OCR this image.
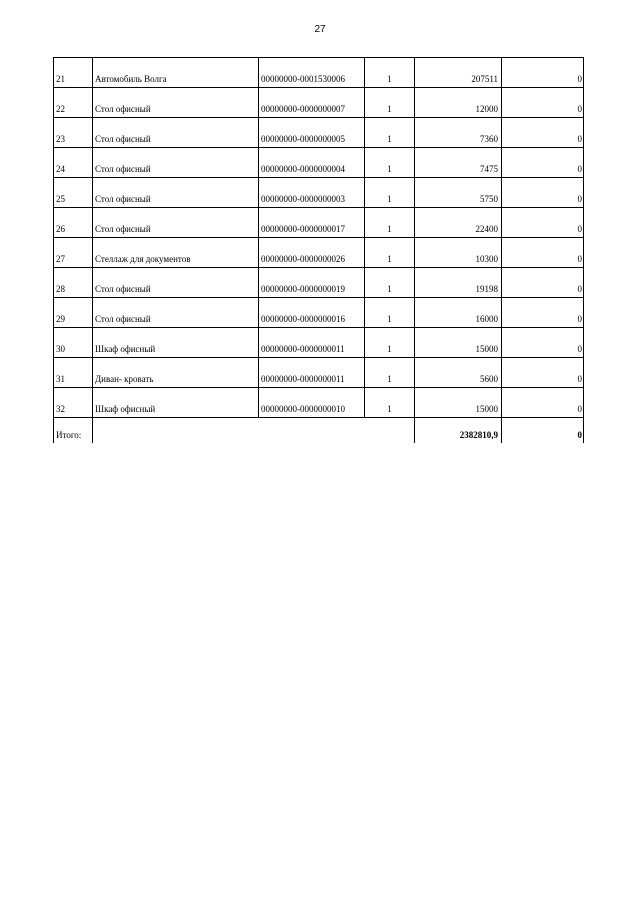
27
21	Автомобиль Волга	00000000-0001530006	1	207511	0
22	Стол офисный	00000000-0000000007	1	12000	0
23	Стол офисный	00000000-0000000005	1	7360	0
24	Стол офисный	00000000-0000000004	1	7475	0
25	Стол офисный	00000000-0000000003	1	5750	0
26	Стол офисный	00000000-0000000017	1	22400	0
27	Стеллаж для документов	00000000-0000000026	1	10300	0
28	Стол офисный	00000000-0000000019	1	19198	0
29	Стол офисный	00000000-0000000016	1	16000	0
30	Шкаф офисный	00000000-0000000011	1	15000	0
31	Диван- кровать	00000000-0000000011	1	5600	0
32	Шкаф офисный	00000000-0000000010	1	15000	0
Итого:				2382810,9	0
